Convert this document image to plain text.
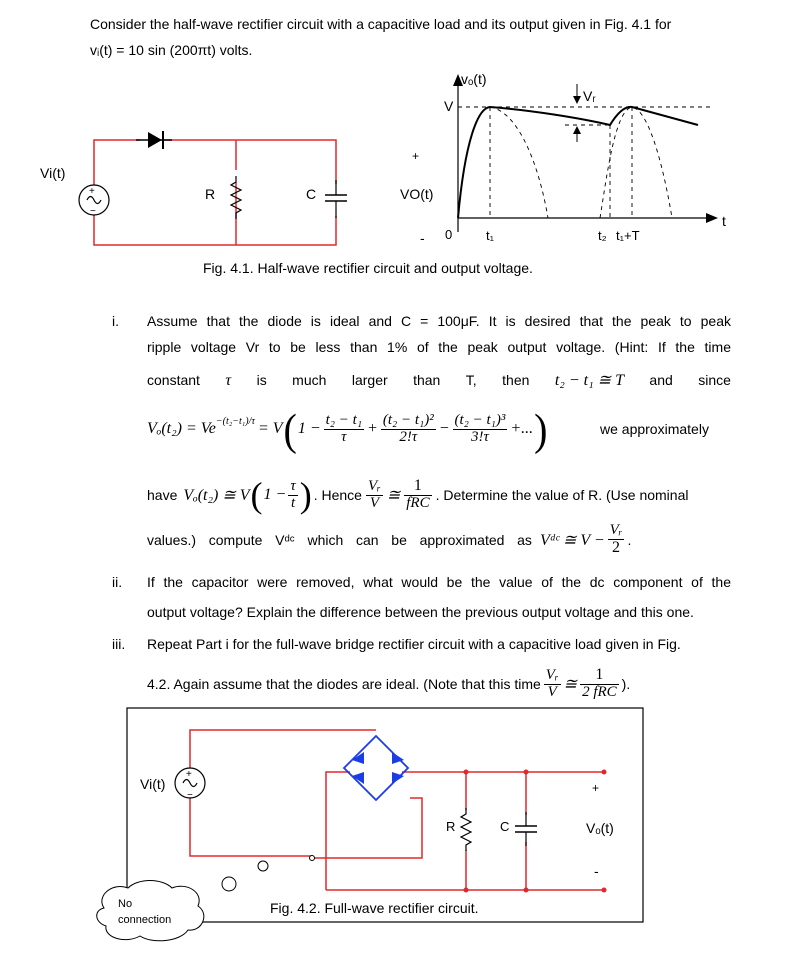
Consider the half-wave rectifier circuit with a capacitive load and its output given in Fig. 4.1 for
vᵢ(t) = 10 sin (200πt) volts.
+
−
Vi(t)
R	C
+
VO(t)
-
vₒ(t)
V
0	t₁	t₂ t₁+T
t
Vᵣ
Fig. 4.1. Half-wave rectifier circuit and output voltage.
i. Assume that the diode is ideal and C = 100μF. It is desired that the peak to peak
ripple voltage Vr to be less than 1% of the peak output voltage. (Hint: If the time
constant τ is much larger than T, then t₂ − t₁ ≅ T and since
$V_o(t_2) = Ve^{-(t_2-t_1)/\tau} = V$ ( $1 - \frac{\text{t₂ − t₁}}{\tau} + \frac{\text{(t₂ − t₁)²}}{2!\tau} - \frac{\text{(t₂ − t₁)³}}{3!\tau}$ +... )	we approximately
have Vₒ(t₂) ≅ V ( $1 - \frac{\tau}{t}$ ) . Hence $\frac{\text{Vᵣ}}{V}$ ≅ $\frac{1}{\text{fRC}}$ . Determine the value of R. (Use nominal
values.) compute Vᵈᶜ which can be approximated as Vᵈᶜ ≅ $V - \frac{\text{Vᵣ}}{2}$ .
ii. If the capacitor were removed, what would be the value of the dc component of the
output voltage? Explain the difference between the previous output voltage and this one.
iii. Repeat Part i for the full-wave bridge rectifier circuit with a capacitive load given in Fig.
4.2. Again assume that the diodes are ideal. (Note that this time $\frac{\text{Vᵣ}}{V}$ ≅ $\frac{1}{\text{2 fRC}}$ ).
+
−
Vi(t)
R	C
+
Vₒ(t)
-
No
connection
Fig. 4.2. Full-wave rectifier circuit.
